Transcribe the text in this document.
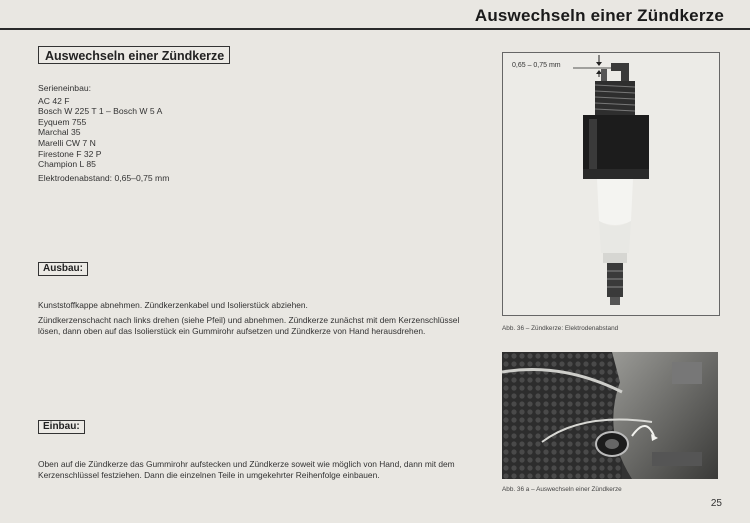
Auswechseln einer Zündkerze
Auswechseln einer Zündkerze
Serieneinbau:
AC 42 F
Bosch W 225 T 1 – Bosch W 5 A
Eyquem 755
Marchal 35
Marelli CW 7 N
Firestone F 32 P
Champion L 85
Elektrodenabstand: 0,65–0,75 mm
Ausbau:
Kunststoffkappe abnehmen. Zündkerzenkabel und Isolierstück abziehen.
Zündkerzenschacht nach links drehen (siehe Pfeil) und abnehmen. Zündkerze zunächst mit dem Kerzenschlüssel lösen, dann oben auf das Isolierstück ein Gummirohr aufsetzen und Zündkerze von Hand herausdrehen.
Einbau:
Oben auf die Zündkerze das Gummirohr aufstecken und Zündkerze soweit wie möglich von Hand, dann mit dem Kerzenschlüssel festziehen. Dann die einzelnen Teile in umgekehrter Reihenfolge einbauen.
0,65 – 0,75 mm
Abb. 36 – Zündkerze: Elektrodenabstand
Abb. 36 a – Auswechseln einer Zündkerze
25
